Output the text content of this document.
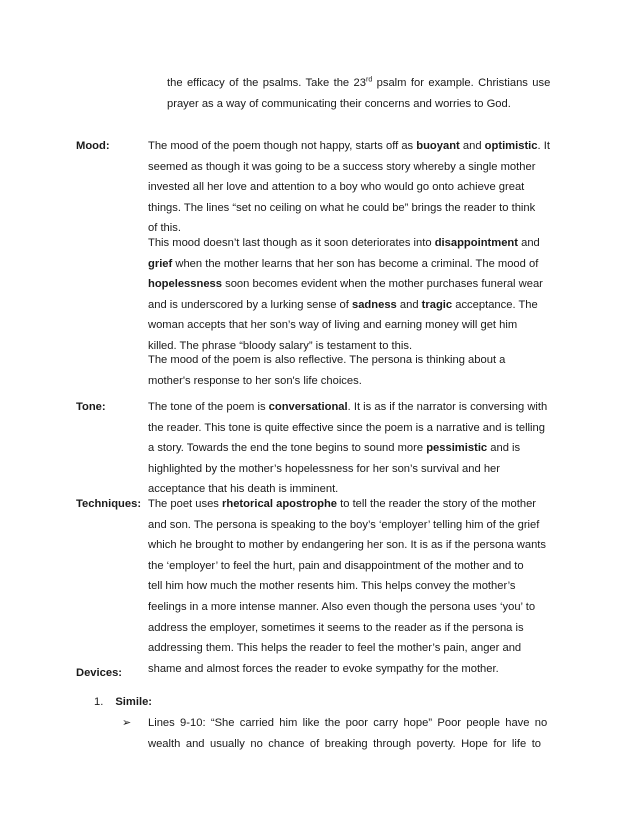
the efficacy of the psalms. Take the 23rd psalm for example. Christians use
prayer as a way of communicating their concerns and worries to God.
Mood:	The mood of the poem though not happy, starts off as buoyant and optimistic. It
seemed as though it was going to be a success story whereby a single mother
invested all her love and attention to a boy who would go onto achieve great
things. The lines “set no ceiling on what he could be” brings the reader to think
of this.
This mood doesn’t last though as it soon deteriorates into disappointment and
grief when the mother learns that her son has become a criminal. The mood of
hopelessness soon becomes evident when the mother purchases funeral wear
and is underscored by a lurking sense of sadness and tragic acceptance. The
woman accepts that her son’s way of living and earning money will get him
killed. The phrase “bloody salary” is testament to this.
The mood of the poem is also reflective. The persona is thinking about a
mother's response to her son's life choices.
Tone:	The tone of the poem is conversational. It is as if the narrator is conversing with
the reader. This tone is quite effective since the poem is a narrative and is telling
a story. Towards the end the tone begins to sound more pessimistic and is
highlighted by the mother’s hopelessness for her son’s survival and her
acceptance that his death is imminent.
Techniques: The poet uses rhetorical apostrophe to tell the reader the story of the mother
and son. The persona is speaking to the boy’s ‘employer’ telling him of the grief
which he brought to mother by endangering her son. It is as if the persona wants
the ‘employer’ to feel the hurt, pain and disappointment of the mother and to
tell him how much the mother resents him. This helps convey the mother’s
feelings in a more intense manner. Also even though the persona uses ‘you’ to
address the employer, sometimes it seems to the reader as if the persona is
addressing them. This helps the reader to feel the mother’s pain, anger and
shame and almost forces the reader to evoke sympathy for the mother.
Devices:
1. Simile:
➢ Lines 9-10: “She carried him like the poor carry hope” Poor people have no
wealth and usually no chance of breaking through poverty. Hope for life to
